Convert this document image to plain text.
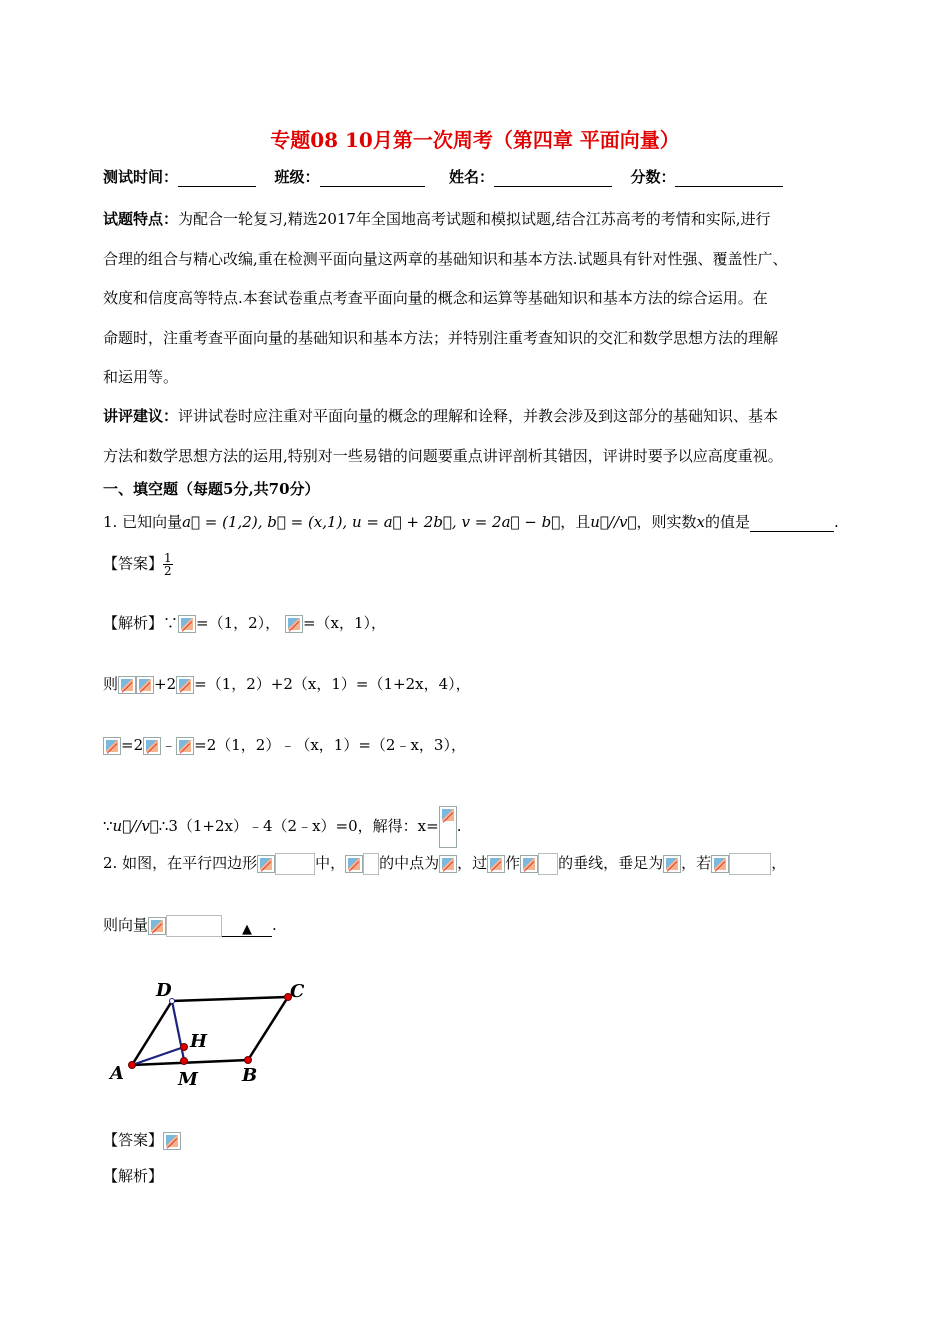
专题08 10月第一次周考（第四章 平面向量）
测试时间：	班级：	姓名：	分数：
试题特点：为配合一轮复习,精选2017年全国地高考试题和模拟试题,结合江苏高考的考情和实际,进行
合理的组合与精心改编,重在检测平面向量这两章的基础知识和基本方法.试题具有针对性强、覆盖性广、
效度和信度高等特点.本套试卷重点考查平面向量的概念和运算等基础知识和基本方法的综合运用。在
命题时，注重考查平面向量的基础知识和基本方法；并特别注重考查知识的交汇和数学思想方法的理解
和运用等。
讲评建议：评讲试卷时应注重对平面向量的概念的理解和诠释，并教会涉及到这部分的基础知识、基本
方法和数学思想方法的运用,特别对一些易错的问题要重点讲评剖析其错因，评讲时要予以应高度重视。
一、填空题（每题5分,共70分）
1. 已知向量a⃗ = (1,2), b⃗ = (x,1), u = a⃗ + 2b⃗, v = 2a⃗ − b⃗，且u⃗//v⃗，则实数x的值是	.
【答案】 $\frac{1}{2}$
【解析】∵ =（1，2）， =（x，1），
则 +2 =（1，2）+2（x，1）=（1+2x，4），
=2 ﹣ =2（1，2）﹣（x，1）=（2﹣x，3），
∵u⃗//v⃗∴3（1+2x）﹣4（2﹣x）=0，解得：x= .
2. 如图，在平行四边形	中， 的中点为 ，过 作	的垂线，垂足为 ，若	，
则向量	▲ .
A	B
C
D
H
M
【答案】
【解析】
